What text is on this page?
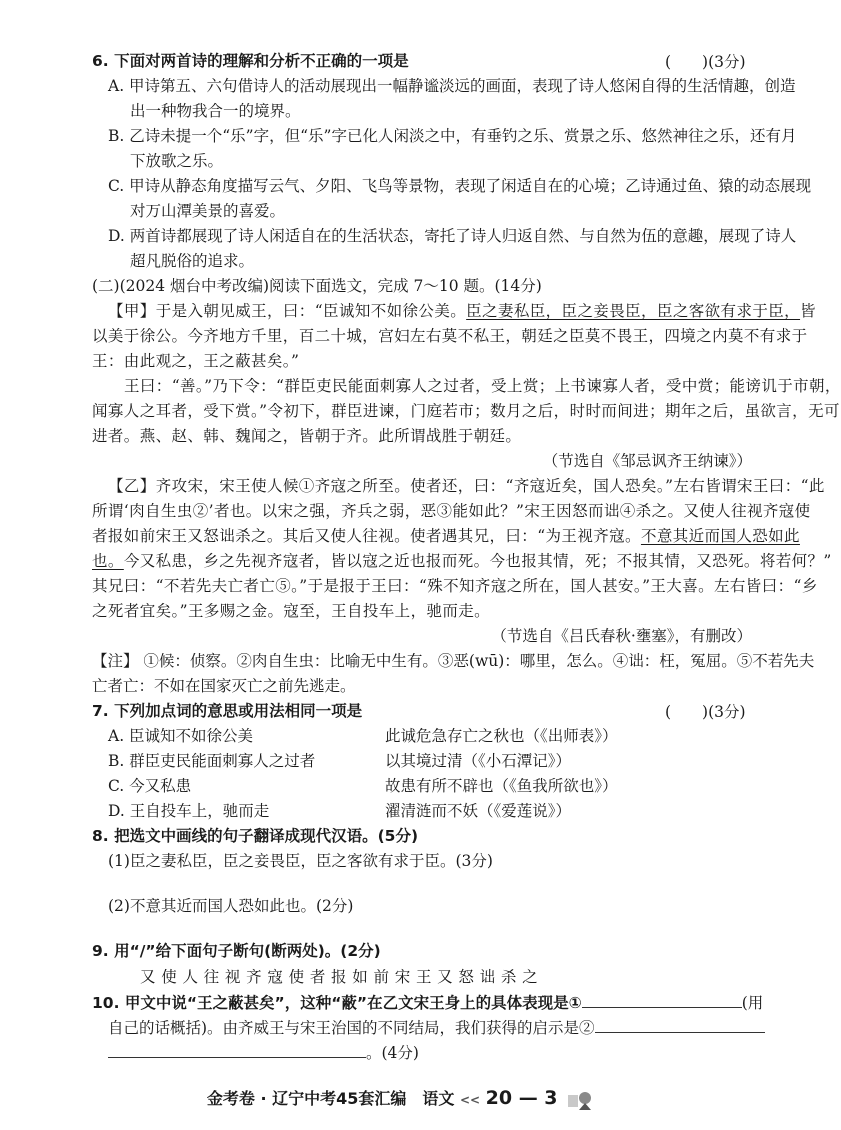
6. 下面对两首诗的理解和分析不正确的一项是	(　　)(3分)
A. 甲诗第五、六句借诗人的活动展现出一幅静谧淡远的画面，表现了诗人悠闲自得的生活情趣，创造
出一种物我合一的境界。
B. 乙诗未提一个“乐”字，但“乐”字已化人闲淡之中，有垂钓之乐、赏景之乐、悠然神往之乐，还有月
下放歌之乐。
C. 甲诗从静态角度描写云气、夕阳、飞鸟等景物，表现了闲适自在的心境；乙诗通过鱼、猿的动态展现
对万山潭美景的喜爱。
D. 两首诗都展现了诗人闲适自在的生活状态，寄托了诗人归返自然、与自然为伍的意趣，展现了诗人
超凡脱俗的追求。
(二)(2024 烟台中考改编)阅读下面选文，完成 7～10 题。(14分)
【甲】于是入朝见威王，曰：“臣诚知不如徐公美。臣之妻私臣，臣之妾畏臣，臣之客欲有求于臣，皆
以美于徐公。今齐地方千里，百二十城，宫妇左右莫不私王，朝廷之臣莫不畏王，四境之内莫不有求于
王：由此观之，王之蔽甚矣。”
王曰：“善。”乃下令：“群臣吏民能面刺寡人之过者，受上赏；上书谏寡人者，受中赏；能谤讥于市朝，
闻寡人之耳者，受下赏。”令初下，群臣进谏，门庭若市；数月之后，时时而间进；期年之后，虽欲言，无可
进者。燕、赵、韩、魏闻之，皆朝于齐。此所谓战胜于朝廷。
（节选自《邹忌讽齐王纳谏》）
【乙】齐攻宋，宋王使人候①齐寇之所至。使者还，曰：“齐寇近矣，国人恐矣。”左右皆谓宋王曰：“此
所谓‘肉自生虫②’者也。以宋之强，齐兵之弱，恶③能如此？”宋王因怒而诎④杀之。又使人往视齐寇使
者报如前宋王又怒诎杀之。其后又使人往视。使者遇其兄，曰：“为王视齐寇。不意其近而国人恐如此
也。今又私患，乡之先视齐寇者，皆以寇之近也报而死。今也报其情，死；不报其情，又恐死。将若何？”
其兄曰：“不若先夫亡者亡⑤。”于是报于王曰：“殊不知齐寇之所在，国人甚安。”王大喜。左右皆曰：“乡
之死者宜矣。”王多赐之金。寇至，王自投车上，驰而走。
（节选自《吕氏春秋·壅塞》，有删改）
【注】 ①候：侦察。②肉自生虫：比喻无中生有。③恶(wū)：哪里，怎么。④诎：枉，冤屈。⑤不若先夫
亡者亡：不如在国家灭亡之前先逃走。
7. 下列加点词的意思或用法相同一项是	(　　)(3分)
A. 臣诚知不如徐公美	此诚危急存亡之秋也（《出师表》）
B. 群臣吏民能面刺寡人之过者	以其境过清（《小石潭记》）
C. 今又私患	故患有所不辟也（《鱼我所欲也》）
D. 王自投车上，驰而走	濯清涟而不妖（《爱莲说》）
8. 把选文中画线的句子翻译成现代汉语。(5分)
(1)臣之妻私臣，臣之妾畏臣，臣之客欲有求于臣。(3分)
(2)不意其近而国人恐如此也。(2分)
9. 用“/”给下面句子断句(断两处)。(2分)
又 使 人 往 视 齐 寇 使 者 报 如 前 宋 王 又 怒 诎 杀 之
10. 甲文中说“王之蔽甚矣”，这种“蔽”在乙文宋王身上的具体表现是①	(用
自己的话概括)。由齐威王与宋王治国的不同结局，我们获得的启示是②
。(4分)
金考卷 · 辽宁中考45套汇编　语文 << 20 — 3
